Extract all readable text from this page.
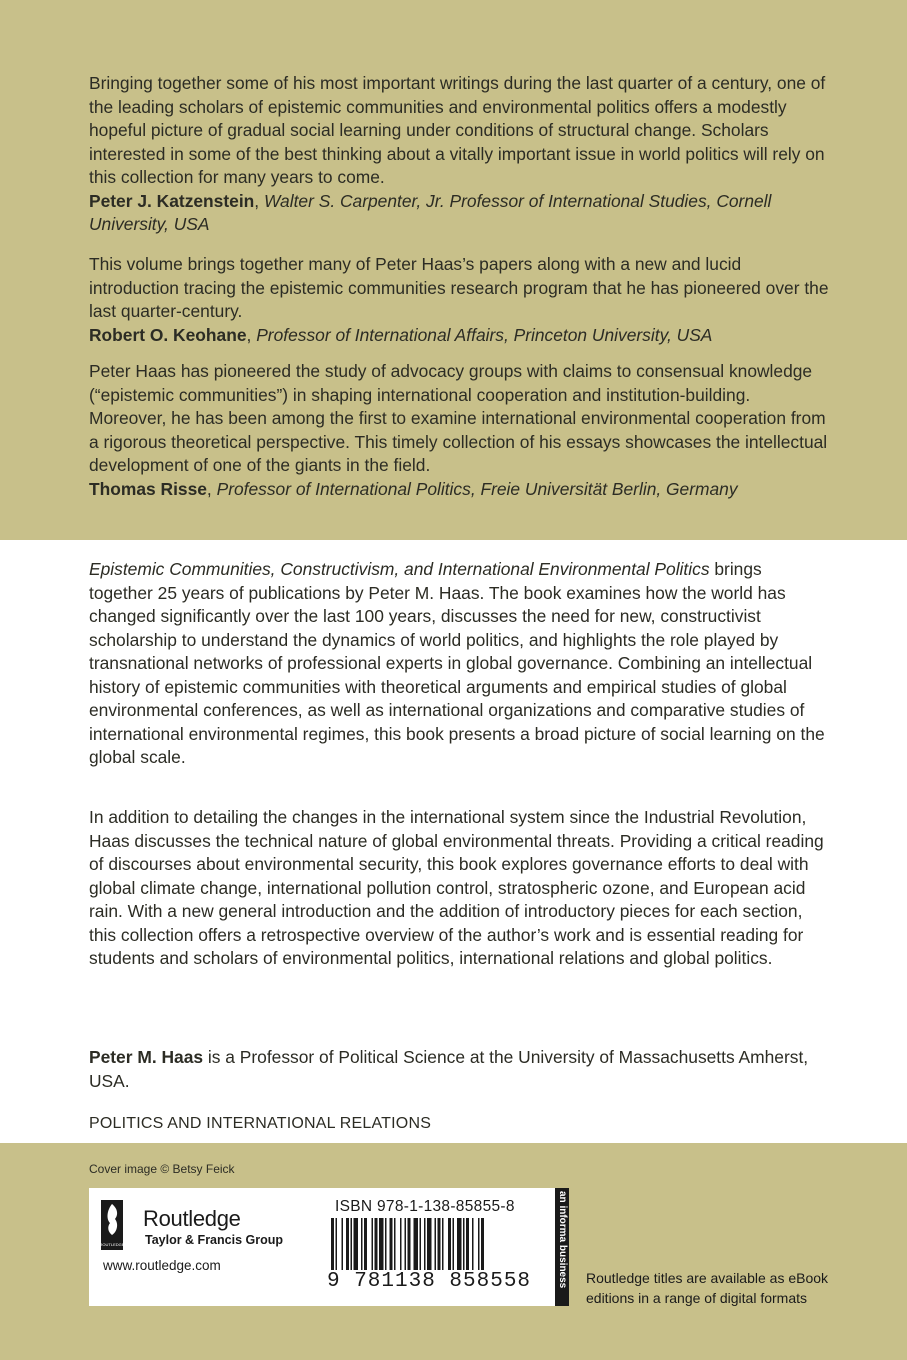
Bringing together some of his most important writings during the last quarter of a century, one of the leading scholars of epistemic communities and environmental politics offers a modestly hopeful picture of gradual social learning under conditions of structural change. Scholars interested in some of the best thinking about a vitally important issue in world politics will rely on this collection for many years to come.

Peter J. Katzenstein, Walter S. Carpenter, Jr. Professor of International Studies, Cornell University, USA

This volume brings together many of Peter Haas’s papers along with a new and lucid introduction tracing the epistemic communities research program that he has pioneered over the last quarter-century.

Robert O. Keohane, Professor of International Affairs, Princeton University, USA

Peter Haas has pioneered the study of advocacy groups with claims to consensual knowledge (“epistemic communities”) in shaping international cooperation and institution-building. Moreover, he has been among the first to examine international environmental cooperation from a rigorous theoretical perspective. This timely collection of his essays showcases the intellectual development of one of the giants in the field.

Thomas Risse, Professor of International Politics, Freie Universität Berlin, Germany

Epistemic Communities, Constructivism, and International Environmental Politics brings together 25 years of publications by Peter M. Haas. The book examines how the world has changed significantly over the last 100 years, discusses the need for new, constructivist scholarship to understand the dynamics of world politics, and highlights the role played by transnational networks of professional experts in global governance. Combining an intellectual history of epistemic communities with theoretical arguments and empirical studies of global environmental conferences, as well as international organizations and comparative studies of international environmental regimes, this book presents a broad picture of social learning on the global scale.

In addition to detailing the changes in the international system since the Industrial Revolution, Haas discusses the technical nature of global environmental threats. Providing a critical reading of discourses about environmental security, this book explores governance efforts to deal with global climate change, international pollution control, stratospheric ozone, and European acid rain. With a new general introduction and the addition of introductory pieces for each section, this collection offers a retrospective overview of the author’s work and is essential reading for students and scholars of environmental politics, international relations and global politics.

Peter M. Haas is a Professor of Political Science at the University of Massachusetts Amherst, USA.

POLITICS AND INTERNATIONAL RELATIONS
Cover image © Betsy Feick
ROUTLEDGE
Routledge
Taylor & Francis Group
www.routledge.com
ISBN 978-1-138-85855-8
9 781138 858558	an informa business Routledge titles are available as eBook editions in a range of digital formats
